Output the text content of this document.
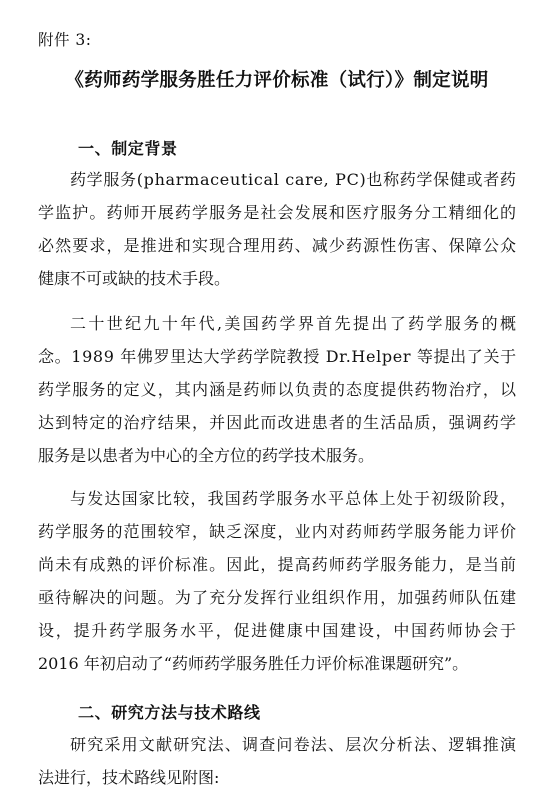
附件 3:
《药师药学服务胜任力评价标准（试行）》制定说明
一、制定背景
药学服务(pharmaceutical care, PC)也称药学保健或者药
学监护。药师开展药学服务是社会发展和医疗服务分工精细化的
必然要求，是推进和实现合理用药、减少药源性伤害、保障公众
健康不可或缺的技术手段。
二十世纪九十年代,美国药学界首先提出了药学服务的概
念。1989 年佛罗里达大学药学院教授 Dr.Helper 等提出了关于
药学服务的定义，其内涵是药师以负责的态度提供药物治疗，以
达到特定的治疗结果，并因此而改进患者的生活品质，强调药学
服务是以患者为中心的全方位的药学技术服务。
与发达国家比较，我国药学服务水平总体上处于初级阶段，
药学服务的范围较窄，缺乏深度，业内对药师药学服务能力评价
尚未有成熟的评价标准。因此，提高药师药学服务能力，是当前
亟待解决的问题。为了充分发挥行业组织作用，加强药师队伍建
设，提升药学服务水平，促进健康中国建设，中国药师协会于
2016 年初启动了“药师药学服务胜任力评价标准课题研究”。
二、研究方法与技术路线
研究采用文献研究法、调查问卷法、层次分析法、逻辑推演
法进行，技术路线见附图:
